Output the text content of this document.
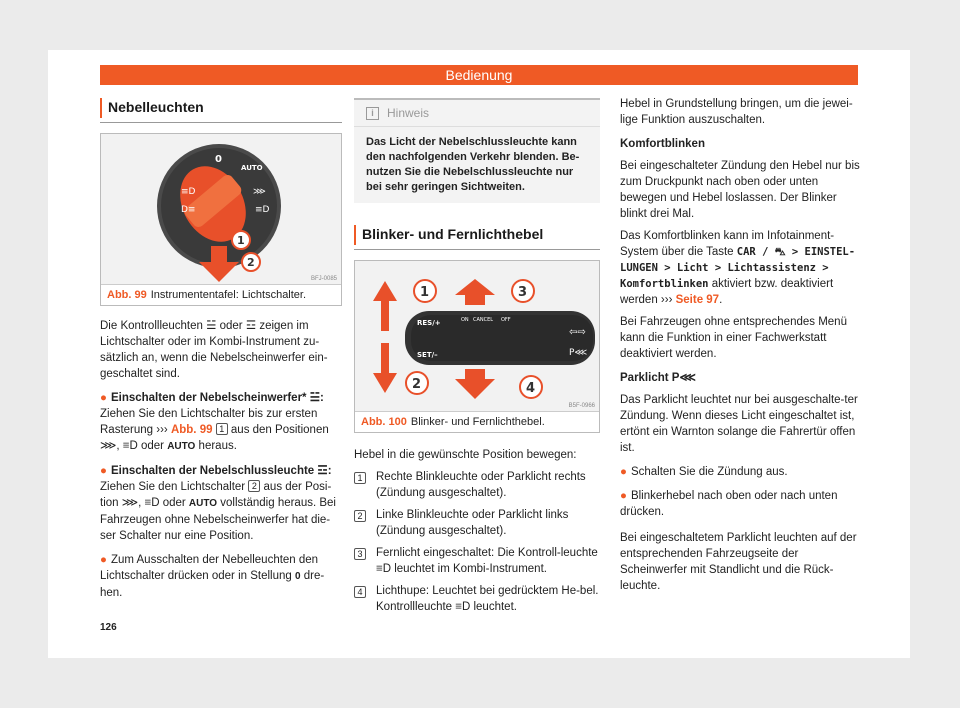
Bedienung
Nebelleuchten
≡D
D≡
⋙
≡D
0
AUTO
1
2
BFJ-0085
Abb. 99 Instrumententafel: Lichtschalter.

Die Kontrollleuchten ☱ oder ☲ zeigen im Lichtschalter oder im Kombi-Instrument zu-sätzlich an, wenn die Nebelscheinwerfer ein-geschaltet sind.

● Einschalten der Nebelscheinwerfer* ☱:
Ziehen Sie den Lichtschalter bis zur ersten Rasterung ››› Abb. 99 1 aus den Positionen
⋙, ≡D oder AUTO heraus.
● Einschalten der Nebelschlussleuchte ☲:
Ziehen Sie den Lichtschalter 2 aus der Posi-tion ⋙, ≡D oder AUTO vollständig heraus. Bei Fahrzeugen ohne Nebelscheinwerfer hat die-ser Schalter nur eine Position.
● Zum Ausschalten der Nebelleuchten den Lichtschalter drücken oder in Stellung 0 dre-hen.
i	Hinweis
Das Licht der Nebelschlussleuchte kann den nachfolgenden Verkehr blenden. Be-nutzen Sie die Nebelschlussleuchte nur bei sehr geringen Sichtweiten.
Blinker- und Fernlichthebel
1
2
3
4
RES/+
SET/–
ON CANCEL OFF
⇦⇨
P⋘
B5F-0966
Abb. 100 Blinker- und Fernlichthebel.

Hebel in die gewünschte Position bewegen:

1	Rechte Blinkleuchte oder Parklicht rechts (Zündung ausgeschaltet).
2	Linke Blinkleuchte oder Parklicht links (Zündung ausgeschaltet).
3	Fernlicht eingeschaltet: Die Kontroll-leuchte ≡D leuchtet im Kombi-Instrument.
4	Lichthupe: Leuchtet bei gedrücktem He-bel. Kontrollleuchte ≡D leuchtet.

Hebel in Grundstellung bringen, um die jewei-lige Funktion auszuschalten.

Komfortblinken

Bei eingeschalteter Zündung den Hebel nur bis zum Druckpunkt nach oben oder unten bewegen und Hebel loslassen. Der Blinker blinkt drei Mal.

Das Komfortblinken kann im Infotainment-System über die Taste CAR / ⛍ > EINSTEL-LUNGEN > Licht > Lichtassistenz > Komfortblinken aktiviert bzw. deaktiviert werden ››› Seite 97.

Bei Fahrzeugen ohne entsprechendes Menü kann die Funktion in einer Fachwerkstatt deaktiviert werden.

Parklicht P⋘

Das Parklicht leuchtet nur bei ausgeschalte-ter Zündung. Wenn dieses Licht eingeschaltet ist, ertönt ein Warnton solange die Fahrertür offen ist.

● Schalten Sie die Zündung aus.
● Blinkerhebel nach oben oder nach unten drücken.

Bei eingeschaltetem Parklicht leuchten auf der entsprechenden Fahrzeugseite der Scheinwerfer mit Standlicht und die Rück-leuchte.

126
